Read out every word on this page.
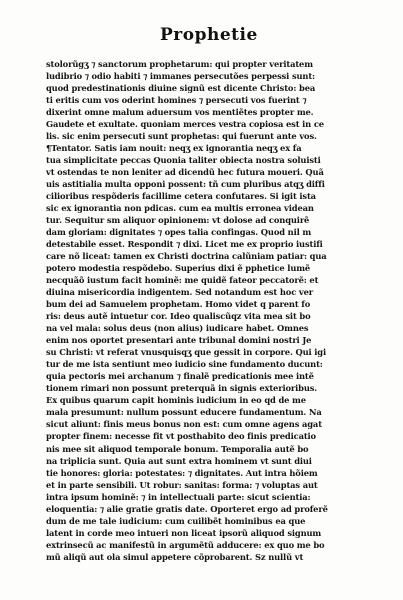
Prophetie
stolorũgʒ ⁊ sanctorum prophetarum: qui propter veritatem
ludibrio ⁊ odio habiti ⁊ immanes persecutões perpessi sunt:
quod predestinationis diuine signũ est dicente Christo: bea
ti eritis cum vos oderint homines ⁊ persecuti vos fuerint ⁊
dixerint omne malum aduersum vos mentiẽtes propter me.
Gaudete et exultate. quoniam merces vestra copiosa est in ce
lis. sic enim persecuti sunt prophetas: qui fuerunt ante vos.
¶Tentator. Satis iam nouit: neqʒ ex ignorantia neqʒ ex fa
tua simplicitate peccas Quonia taliter obiecta nostra soluisti
vt ostendas te non leniter ad dicendũ hec futura moueri. Quã
uis astitialia multa opponi possent: tñ cum pluribus atqʒ diffi
cilioribus respõderis facillime cetera confutares. Si igit ista
sic ex ignorantia non pdicas. cum ea multis erronea videan
tur. Sequitur sm aliquor opinionem: vt dolose ad conquirẽ
dam gloriam: dignitates ⁊ opes talia confingas. Quod nil m
detestabile esset. Respondit ⁊ dixi. Licet me ex proprio iustifi
care nõ liceat: tamen ex Christi doctrina calũniam patiar: qua
potero modestia respõdebo. Superius dixi ẽ pphetice lumẽ
necquãõ iustum facit hominẽ: me quidẽ fateor peccatorẽ: et
diuina misericordia indigentem. Sed notandum est hoc ver
bum dei ad Samuelem prophetam. Homo videt q parent fo
ris: deus autẽ intuetur cor. Ideo qualiscũqz vita mea sit bo
na vel mala: solus deus (non alius) iudicare habet. Omnes
enim nos oportet presentari ante tribunal domini nostri Je
su Christi: vt referat vnusquisqʒ que gessit in corpore. Qui igi
tur de me ista sentiunt meo iudicio sine fundamento ducunt:
quia pectoris mei archanum ⁊ finalẽ predicationis mee intẽ
tionem rimari non possunt preterquã in signis exterioribus.
Ex quibus quarum capit hominis iudicium in eo qd de me
mala presumunt: nullum possunt educere fundamentum. Na
sicut aliunt: finis meus bonus non est: cum omne agens agat
propter finem: necesse fit vt posthabito deo finis predicatio
nis mee sit aliquod temporale bonum. Temporalia autẽ bo
na triplicia sunt. Quia aut sunt extra hominem vt sunt diui
tie honores: gloria: potestates: ⁊ dignitates. Aut intra hõiem
et in parte sensibili. Ut robur: sanitas: forma: ⁊ voluptas aut
intra ipsum hominẽ: ⁊ in intellectuali parte: sicut scientia:
eloquentia: ⁊ alie gratie gratis date. Oporteret ergo ad proferẽ
dum de me tale iudicium: cum cuilibẽt hominibus ea que
latent in corde meo intueri non liceat ipsorũ aliquod signum
extrinsecũ ac manifestũ in argumẽtũ adducere: ex quo me bo
mũ aliqũ aut ola simul appetere cõprobarent. Sz nullũ vt
